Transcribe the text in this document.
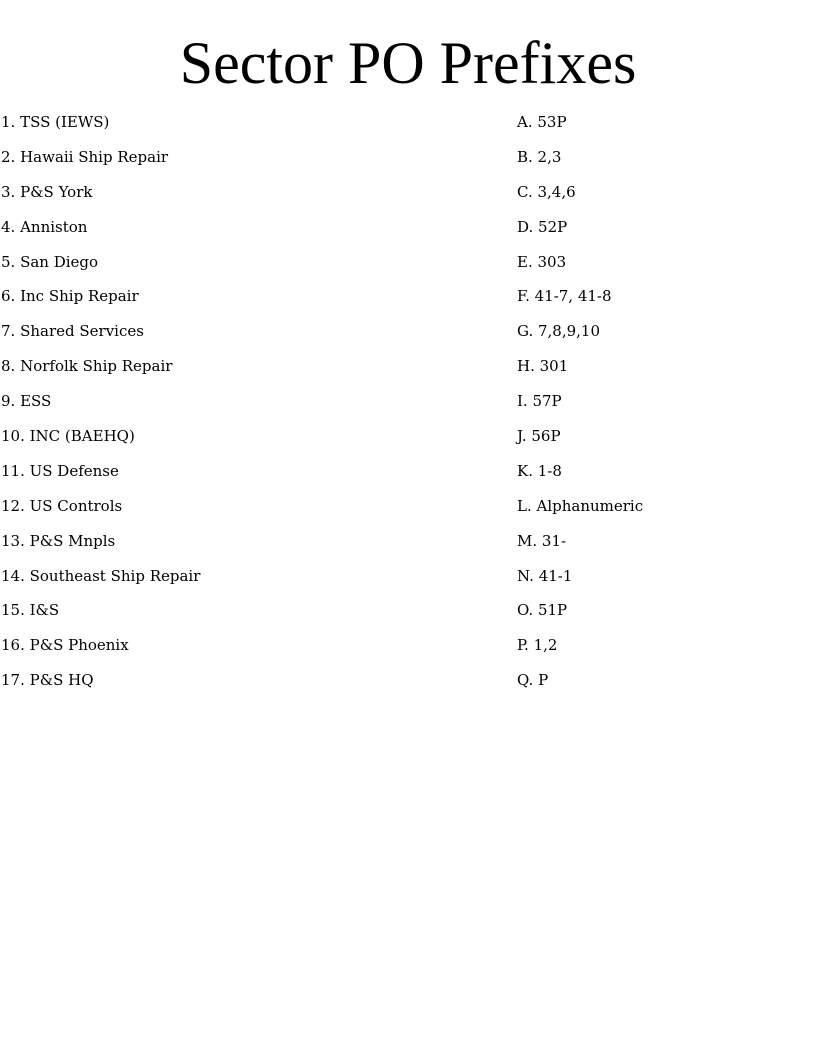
Sector PO Prefixes
1. TSS (IEWS)
2. Hawaii Ship Repair
3. P&S York
4. Anniston
5. San Diego
6. Inc Ship Repair
7. Shared Services
8. Norfolk Ship Repair
9. ESS
10. INC (BAEHQ)
11. US Defense
12. US Controls
13. P&S Mnpls
14. Southeast Ship Repair
15. I&S
16. P&S Phoenix
17. P&S HQ
A. 53P
B. 2,3
C. 3,4,6
D. 52P
E. 303
F. 41-7, 41-8
G. 7,8,9,10
H. 301
I. 57P
J. 56P
K. 1-8
L. Alphanumeric
M. 31-
N. 41-1
O. 51P
P. 1,2
Q. P
